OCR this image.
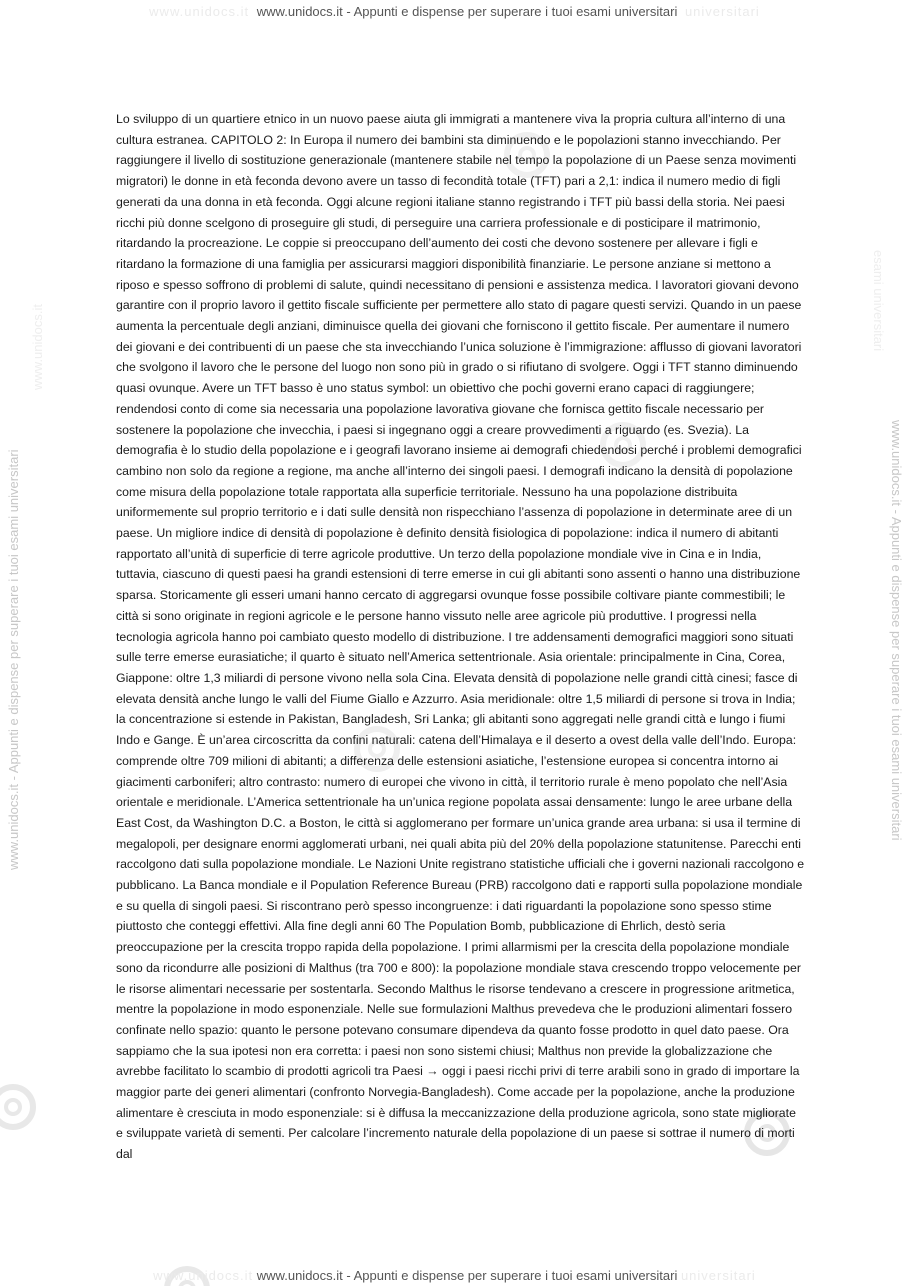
www.unidocs.it www.unidocs.it - Appunti e dispense per superare i tuoi esami universitari universitari
www.unidocs.it - Appunti e dispense per superare i tuoi esami universitari
www.unidocs.it
www.unidocs.it - Appunti e dispense per superare i tuoi esami universitari
esami universitari

Lo sviluppo di un quartiere etnico in un nuovo paese aiuta gli immigrati a mantenere viva la propria cultura all’interno di una cultura estranea. CAPITOLO 2: In Europa il numero dei bambini sta diminuendo e le popolazioni stanno invecchiando. Per raggiungere il livello di sostituzione generazionale (mantenere stabile nel tempo la popolazione di un Paese senza movimenti migratori) le donne in età feconda devono avere un tasso di fecondità totale (TFT) pari a 2,1: indica il numero medio di figli generati da una donna in età feconda. Oggi alcune regioni italiane stanno registrando i TFT più bassi della storia. Nei paesi ricchi più donne scelgono di proseguire gli studi, di perseguire una carriera professionale e di posticipare il matrimonio, ritardando la procreazione. Le coppie si preoccupano dell’aumento dei costi che devono sostenere per allevare i figli e ritardano la formazione di una famiglia per assicurarsi maggiori disponibilità finanziarie. Le persone anziane si mettono a riposo e spesso soffrono di problemi di salute, quindi necessitano di pensioni e assistenza medica. I lavoratori giovani devono garantire con il proprio lavoro il gettito fiscale sufficiente per permettere allo stato di pagare questi servizi. Quando in un paese aumenta la percentuale degli anziani, diminuisce quella dei giovani che forniscono il gettito fiscale. Per aumentare il numero dei giovani e dei contribuenti di un paese che sta invecchiando l’unica soluzione è l’immigrazione: afflusso di giovani lavoratori che svolgono il lavoro che le persone del luogo non sono più in grado o si rifiutano di svolgere. Oggi i TFT stanno diminuendo quasi ovunque. Avere un TFT basso è uno status symbol: un obiettivo che pochi governi erano capaci di raggiungere; rendendosi conto di come sia necessaria una popolazione lavorativa giovane che fornisca gettito fiscale necessario per sostenere la popolazione che invecchia, i paesi si ingegnano oggi a creare provvedimenti a riguardo (es. Svezia). La demografia è lo studio della popolazione e i geografi lavorano insieme ai demografi chiedendosi perché i problemi demografici cambino non solo da regione a regione, ma anche all’interno dei singoli paesi. I demografi indicano la densità di popolazione come misura della popolazione totale rapportata alla superficie territoriale. Nessuno ha una popolazione distribuita uniformemente sul proprio territorio e i dati sulle densità non rispecchiano l’assenza di popolazione in determinate aree di un paese. Un migliore indice di densità di popolazione è definito densità fisiologica di popolazione: indica il numero di abitanti rapportato all’unità di superficie di terre agricole produttive. Un terzo della popolazione mondiale vive in Cina e in India, tuttavia, ciascuno di questi paesi ha grandi estensioni di terre emerse in cui gli abitanti sono assenti o hanno una distribuzione sparsa. Storicamente gli esseri umani hanno cercato di aggregarsi ovunque fosse possibile coltivare piante commestibili; le città si sono originate in regioni agricole e le persone hanno vissuto nelle aree agricole più produttive. I progressi nella tecnologia agricola hanno poi cambiato questo modello di distribuzione. I tre addensamenti demografici maggiori sono situati sulle terre emerse eurasiatiche; il quarto è situato nell’America settentrionale. Asia orientale: principalmente in Cina, Corea, Giappone: oltre 1,3 miliardi di persone vivono nella sola Cina. Elevata densità di popolazione nelle grandi città cinesi; fasce di elevata densità anche lungo le valli del Fiume Giallo e Azzurro. Asia meridionale: oltre 1,5 miliardi di persone si trova in India; la concentrazione si estende in Pakistan, Bangladesh, Sri Lanka; gli abitanti sono aggregati nelle grandi città e lungo i fiumi Indo e Gange. È un’area circoscritta da confini naturali: catena dell’Himalaya e il deserto a ovest della valle dell’Indo. Europa: comprende oltre 709 milioni di abitanti; a differenza delle estensioni asiatiche, l’estensione europea si concentra intorno ai giacimenti carboniferi; altro contrasto: numero di europei che vivono in città, il territorio rurale è meno popolato che nell’Asia orientale e meridionale. L’America settentrionale ha un’unica regione popolata assai densamente: lungo le aree urbane della East Cost, da Washington D.C. a Boston, le città si agglomerano per formare un’unica grande area urbana: si usa il termine di megalopoli, per designare enormi agglomerati urbani, nei quali abita più del 20% della popolazione statunitense. Parecchi enti raccolgono dati sulla popolazione mondiale. Le Nazioni Unite registrano statistiche ufficiali che i governi nazionali raccolgono e pubblicano. La Banca mondiale e il Population Reference Bureau (PRB) raccolgono dati e rapporti sulla popolazione mondiale e su quella di singoli paesi. Si riscontrano però spesso incongruenze: i dati riguardanti la popolazione sono spesso stime piuttosto che conteggi effettivi. Alla fine degli anni 60 The Population Bomb, pubblicazione di Ehrlich, destò seria preoccupazione per la crescita troppo rapida della popolazione. I primi allarmismi per la crescita della popolazione mondiale sono da ricondurre alle posizioni di Malthus (tra 700 e 800): la popolazione mondiale stava crescendo troppo velocemente per le risorse alimentari necessarie per sostentarla. Secondo Malthus le risorse tendevano a crescere in progressione aritmetica, mentre la popolazione in modo esponenziale. Nelle sue formulazioni Malthus prevedeva che le produzioni alimentari fossero confinate nello spazio: quanto le persone potevano consumare dipendeva da quanto fosse prodotto in quel dato paese. Ora sappiamo che la sua ipotesi non era corretta: i paesi non sono sistemi chiusi; Malthus non previde la globalizzazione che avrebbe facilitato lo scambio di prodotti agricoli tra Paesi → oggi i paesi ricchi privi di terre arabili sono in grado di importare la maggior parte dei generi alimentari (confronto Norvegia-Bangladesh). Come accade per la popolazione, anche la produzione alimentare è cresciuta in modo esponenziale: si è diffusa la meccanizzazione della produzione agricola, sono state migliorate e sviluppate varietà di sementi. Per calcolare l’incremento naturale della popolazione di un paese si sottrae il numero di morti dal

www.unidocs.it www.unidocs.it - Appunti e dispense per superare i tuoi esami universitari universitari
